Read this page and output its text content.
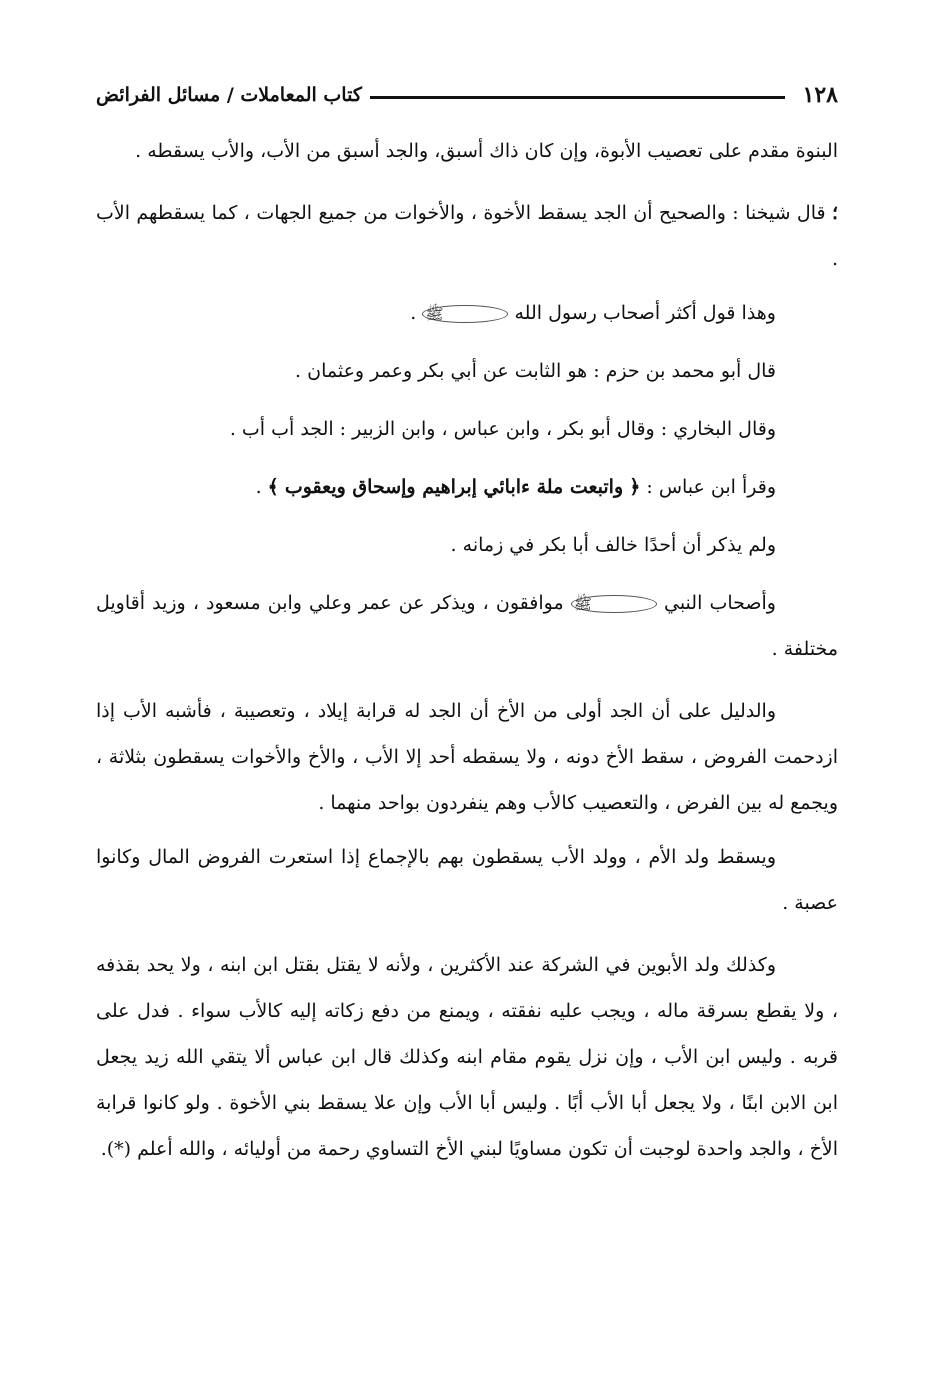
١٢٨
كتاب المعاملات / مسائل الفرائض

البنوة مقدم على تعصيب الأبوة، وإن كان ذاك أسبق، والجد أسبق من الأب، والأب يسقطه .

؛ قال شيخنا : والصحيح أن الجد يسقط الأخوة ، والأخوات من جميع الجهات ، كما يسقطهم الأب .

وهذا قول أكثر أصحاب رسول الله ﷺ .

قال أبو محمد بن حزم : هو الثابت عن أبي بكر وعمر وعثمان .

وقال البخاري : وقال أبو بكر ، وابن عباس ، وابن الزبير : الجد أب أب .

وقرأ ابن عباس : ﴿ واتبعت ملة ءابائي إبراهيم وإسحاق ويعقوب ﴾ .

ولم يذكر أن أحدًا خالف أبا بكر في زمانه .

وأصحاب النبي ﷺ موافقون ، ويذكر عن عمر وعلي وابن مسعود ، وزيد أقاويل مختلفة .

والدليل على أن الجد أولى من الأخ أن الجد له قرابة إيلاد ، وتعصيبة ، فأشبه الأب إذا ازدحمت الفروض ، سقط الأخ دونه ، ولا يسقطه أحد إلا الأب ، والأخ والأخوات يسقطون بثلاثة ، ويجمع له بين الفرض ، والتعصيب كالأب وهم ينفردون بواحد منهما .

ويسقط ولد الأم ، وولد الأب يسقطون بهم بالإجماع إذا استعرت الفروض المال وكانوا عصبة .

وكذلك ولد الأبوين في الشركة عند الأكثرين ، ولأنه لا يقتل بقتل ابن ابنه ، ولا يحد بقذفه ، ولا يقطع بسرقة ماله ، ويجب عليه نفقته ، ويمنع من دفع زكاته إليه كالأب سواء . فدل على قربه . وليس ابن الأب ، وإن نزل يقوم مقام ابنه وكذلك قال ابن عباس ألا يتقي الله زيد يجعل ابن الابن ابنًا ، ولا يجعل أبا الأب أبًا . وليس أبا الأب وإن علا يسقط بني الأخوة . ولو كانوا قرابة الأخ ، والجد واحدة لوجبت أن تكون مساويًا لبني الأخ التساوي رحمة من أوليائه ، والله أعلم (*).
